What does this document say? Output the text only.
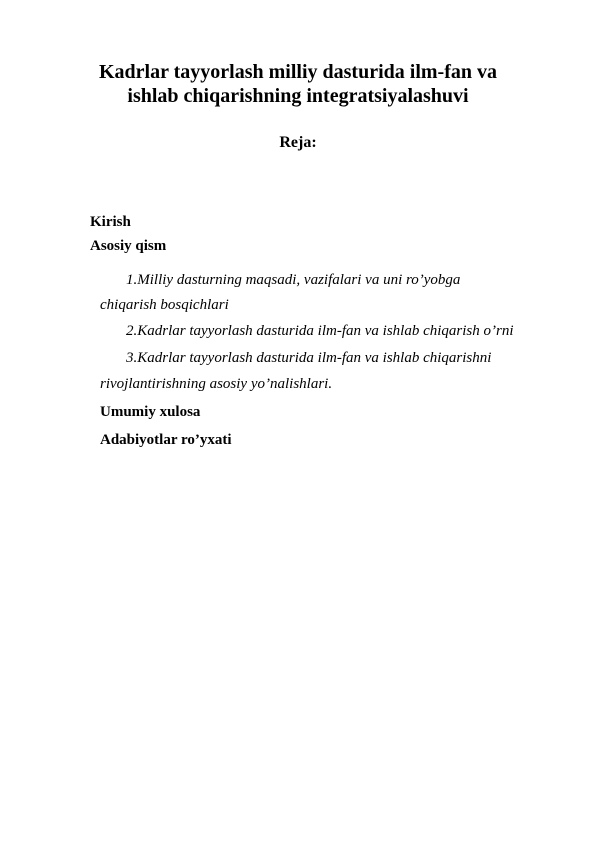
Kadrlar tayyorlash milliy dasturida ilm-fan va
ishlab chiqarishning integratsiyalashuvi
Reja:
Kirish
Asosiy qism
1.Milliy dasturning maqsadi, vazifalari va uni ro’yobga
chiqarish bosqichlari
2.Kadrlar tayyorlash dasturida ilm-fan va ishlab chiqarish o’rni
3.Kadrlar tayyorlash dasturida ilm-fan va ishlab chiqarishni
rivojlantirishning asosiy yo’nalishlari.
Umumiy xulosa
Adabiyotlar ro’yxati
